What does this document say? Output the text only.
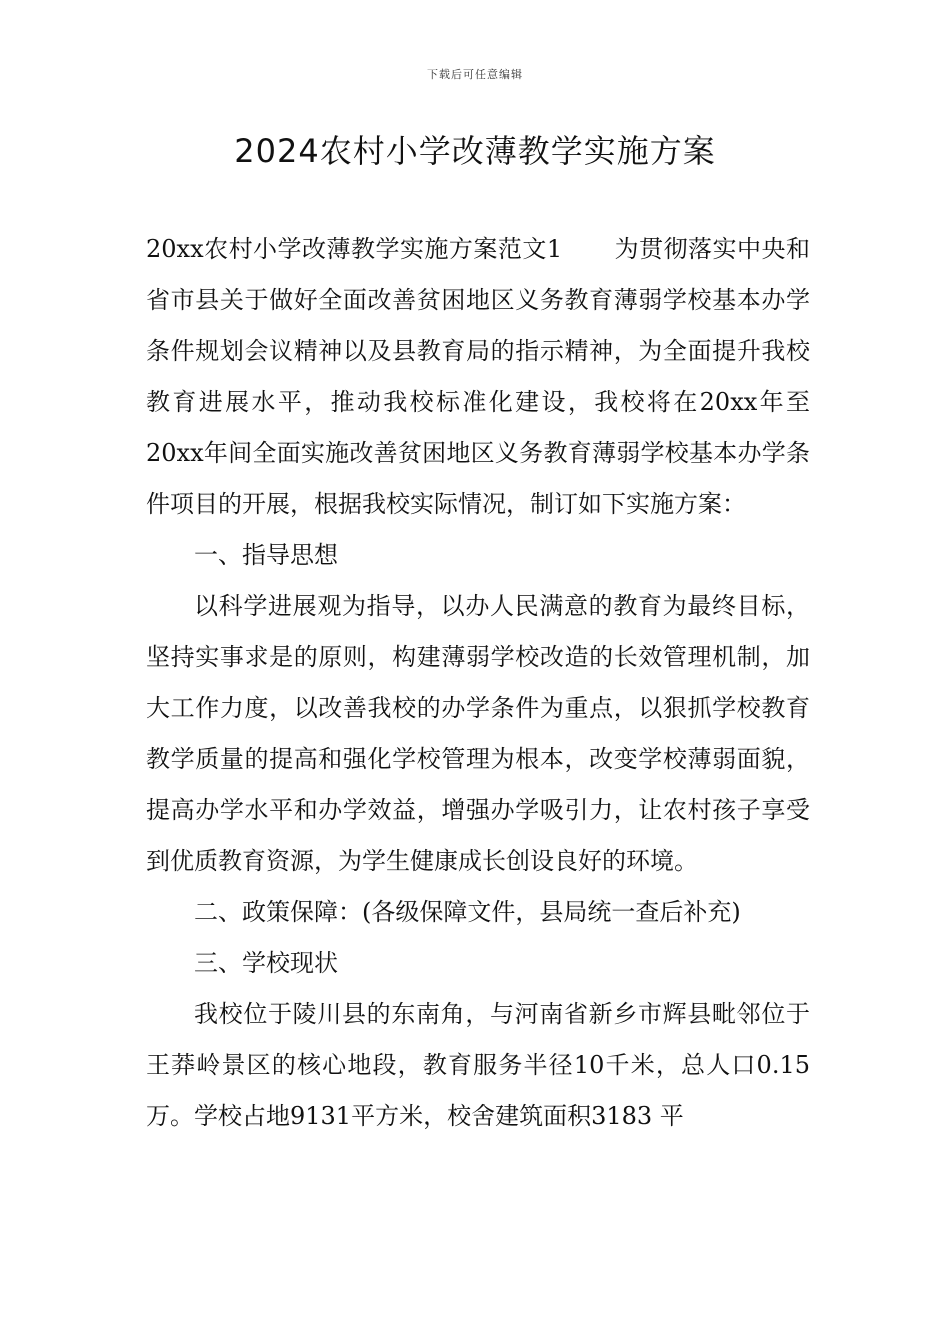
下载后可任意编辑
2024农村小学改薄教学实施方案

20xx农村小学改薄教学实施方案范文1 为贯彻落实中央和省市县关于做好全面改善贫困地区义务教育薄弱学校基本办学条件规划会议精神以及县教育局的指示精神，为全面提升我校教育进展水平，推动我校标准化建设，我校将在20xx年至20xx年间全面实施改善贫困地区义务教育薄弱学校基本办学条件项目的开展，根据我校实际情况，制订如下实施方案：

一、指导思想

以科学进展观为指导，以办人民满意的教育为最终目标，坚持实事求是的原则，构建薄弱学校改造的长效管理机制，加大工作力度，以改善我校的办学条件为重点，以狠抓学校教育教学质量的提高和强化学校管理为根本，改变学校薄弱面貌，提高办学水平和办学效益，增强办学吸引力，让农村孩子享受到优质教育资源，为学生健康成长创设良好的环境。

二、政策保障：(各级保障文件，县局统一查后补充)

三、学校现状

我校位于陵川县的东南角，与河南省新乡市辉县毗邻位于王莽岭景区的核心地段，教育服务半径10千米，总人口0.15万。学校占地9131平方米，校舍建筑面积3183 平
